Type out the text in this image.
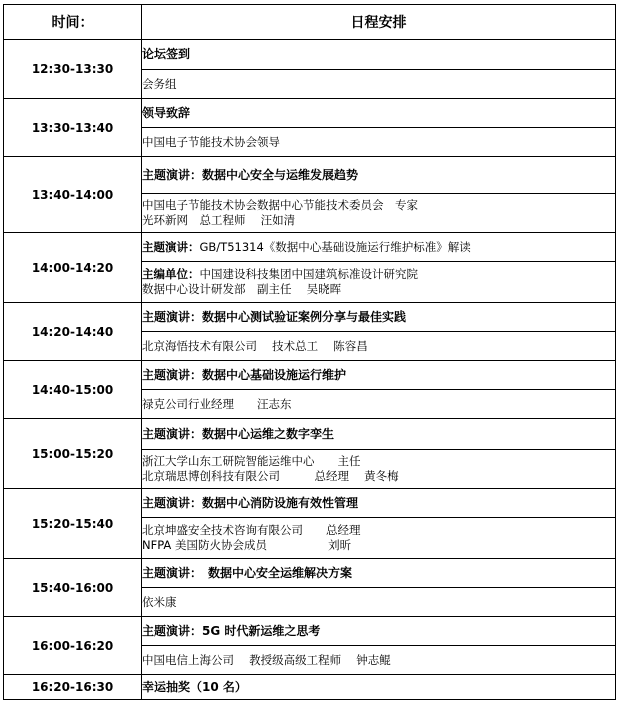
时间：	日程安排
12:30-13:30	论坛签到

	会务组

13:30-13:40	领导致辞

	中国电子节能技术协会领导

13:40-14:00	主题演讲：数据中心安全与运维发展趋势

	中国电子节能技术协会数据中心节能技术委员会　专家
光环新网　总工程师　 汪如清

14:00-14:20	主题演讲：GB/T51314《数据中心基础设施运行维护标准》解读

	主编单位：中国建设科技集团中国建筑标准设计研究院
数据中心设计研发部　副主任　 吴晓晖

14:20-14:40	主题演讲：数据中心测试验证案例分享与最佳实践

	北京海悟技术有限公司　 技术总工　 陈容昌

14:40-15:00	主题演讲：数据中心基础设施运行维护

	禄克公司行业经理　　汪志东

15:00-15:20	主题演讲：数据中心运维之数字孪生

	浙江大学山东工研院智能运维中心　　主任
北京瑞思博创科技有限公司　　　总经理　 黄冬梅

15:20-15:40	主题演讲：数据中心消防设施有效性管理

	北京坤盛安全技术咨询有限公司　　总经理
NFPA 美国防火协会成员　　　　　 刘昕

15:40-16:00	主题演讲：　数据中心安全运维解决方案

	依米康

16:00-16:20	主题演讲：5G 时代新运维之思考

	中国电信上海公司　 教授级高级工程师　 钟志鲲

16:20-16:30	幸运抽奖（10 名）
